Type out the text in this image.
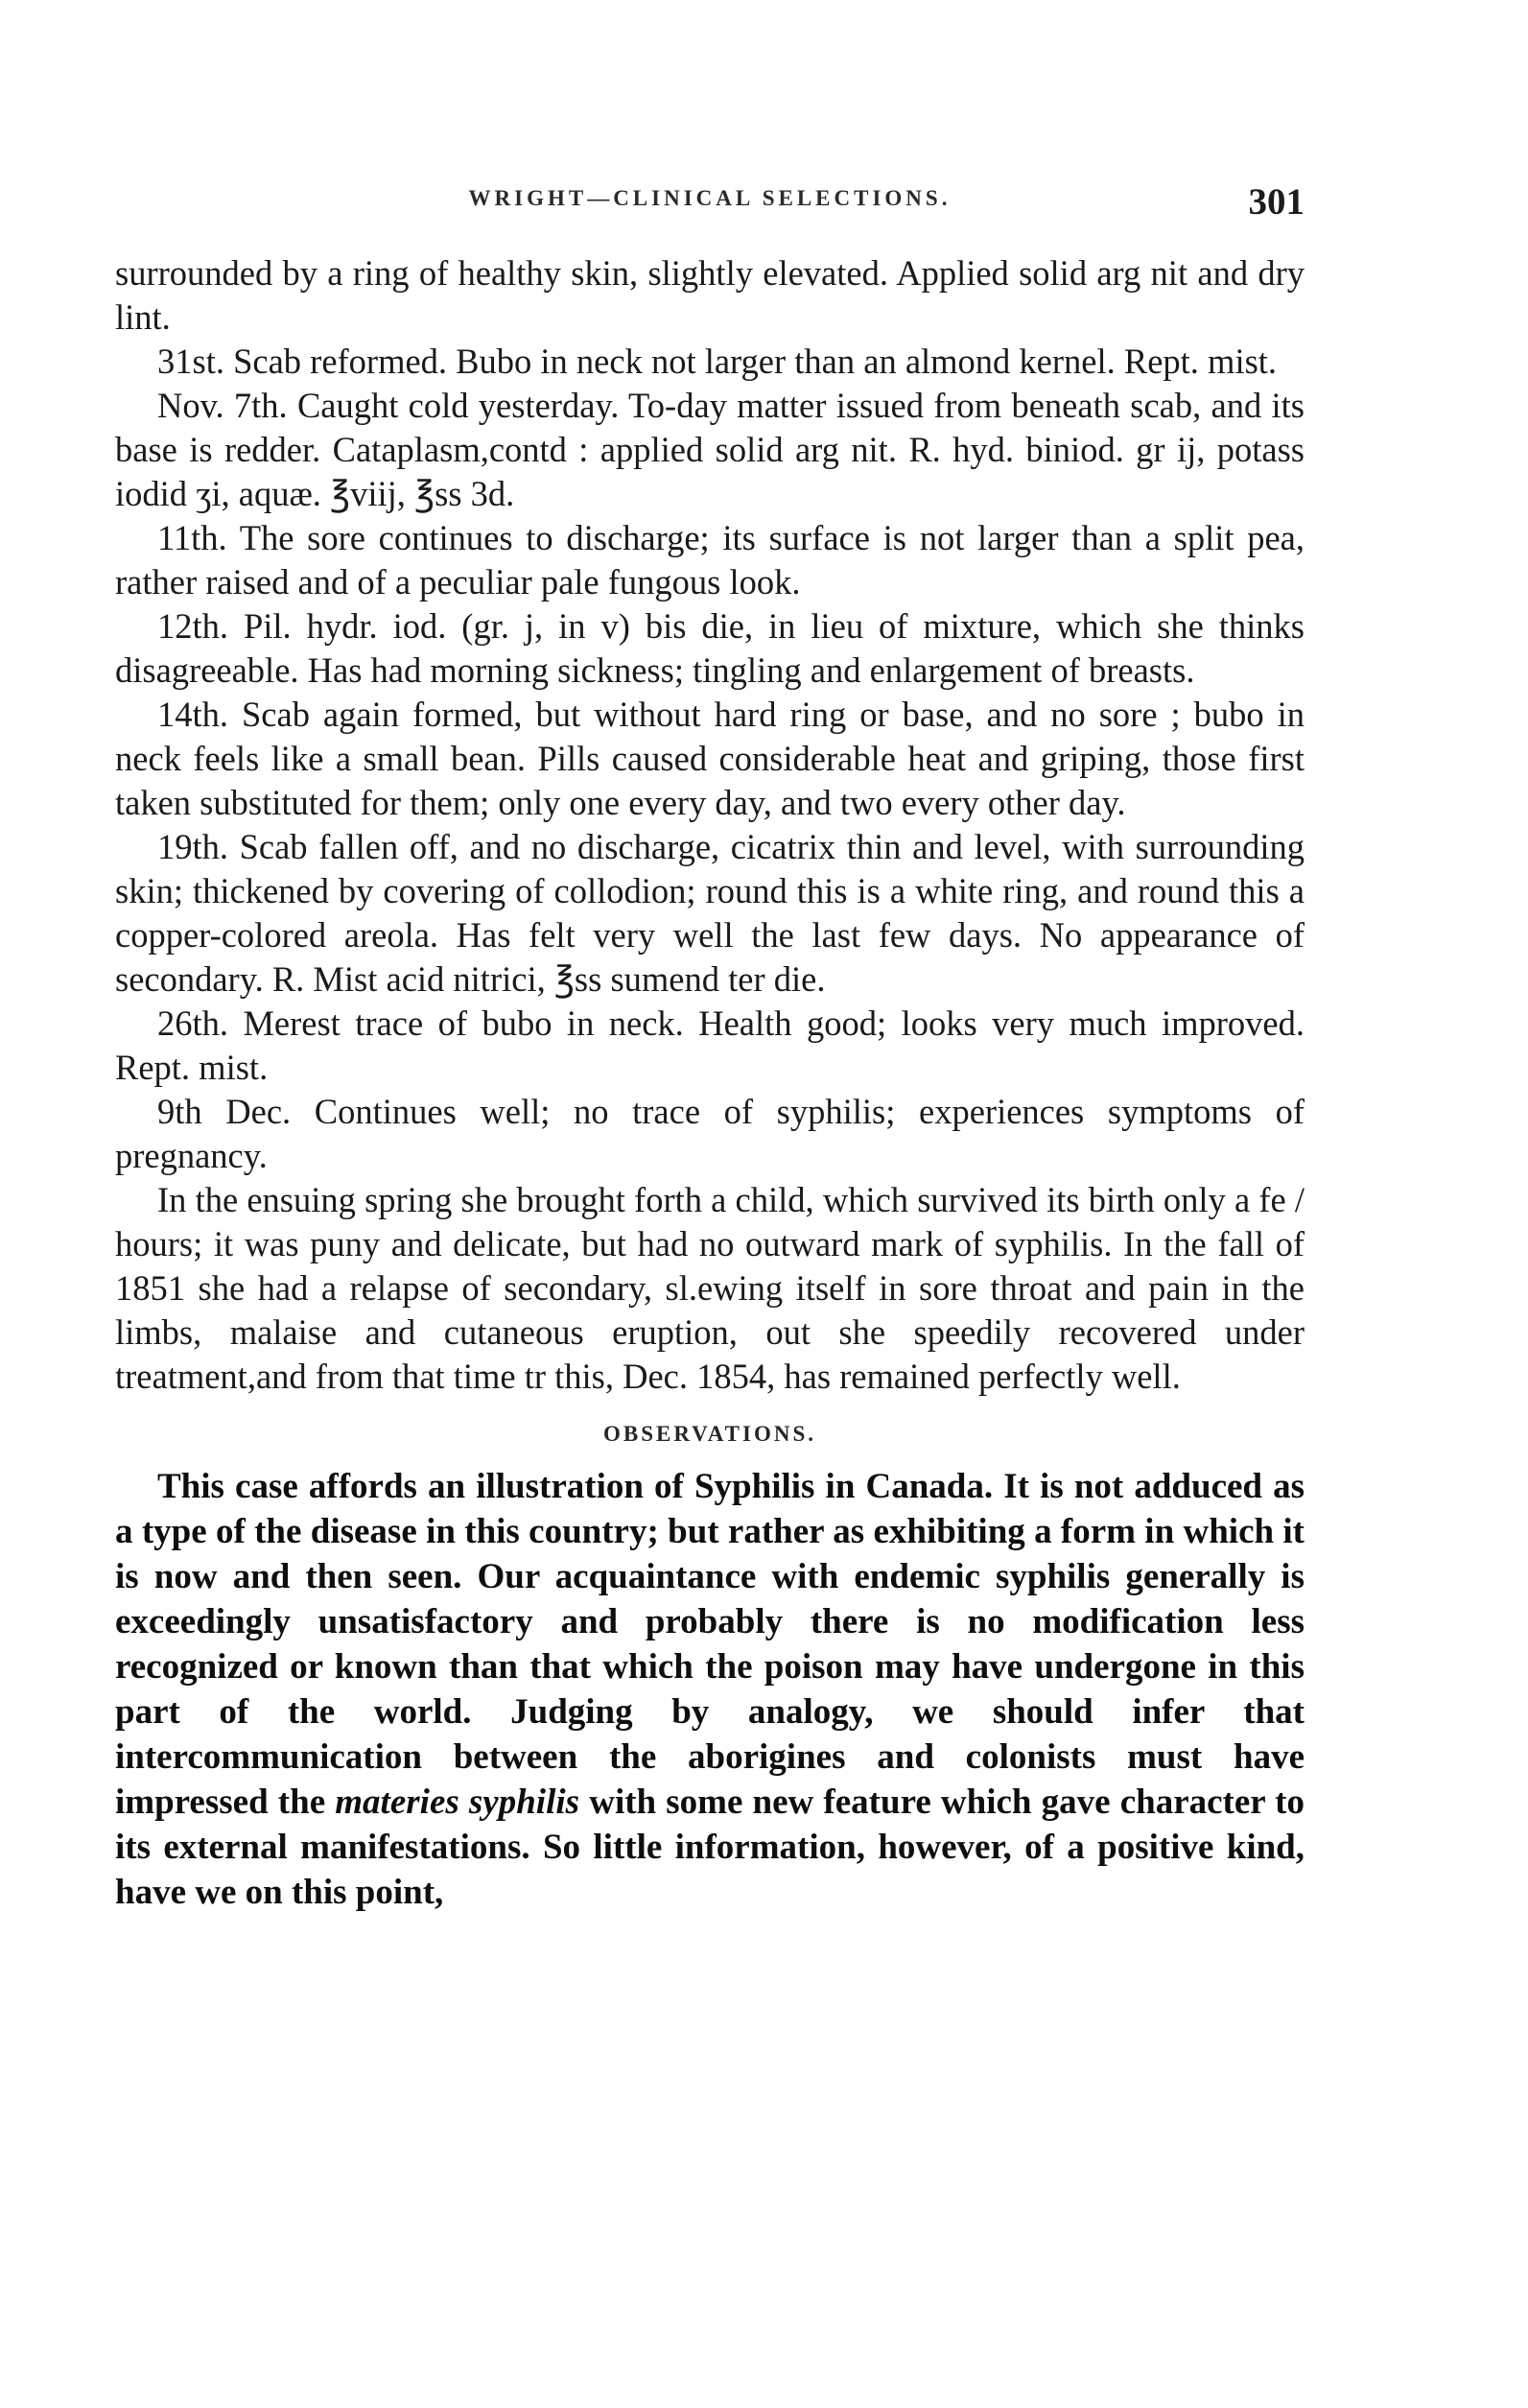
WRIGHT—CLINICAL SELECTIONS.	301

surrounded by a ring of healthy skin, slightly elevated. Applied solid arg nit and dry lint.

31st. Scab reformed. Bubo in neck not larger than an almond kernel. Rept. mist.

Nov. 7th. Caught cold yesterday. To-day matter issued from beneath scab, and its base is redder. Cataplasm,contd : applied solid arg nit. R. hyd. biniod. gr ij, potass iodid ʒi, aquæ. ℥viij, ℥ss 3d.

11th. The sore continues to discharge; its surface is not larger than a split pea, rather raised and of a peculiar pale fungous look.

12th. Pil. hydr. iod. (gr. j, in v) bis die, in lieu of mixture, which she thinks disagreeable. Has had morning sickness; tingling and enlargement of breasts.

14th. Scab again formed, but without hard ring or base, and no sore ; bubo in neck feels like a small bean. Pills caused considerable heat and griping, those first taken substituted for them; only one every day, and two every other day.

19th. Scab fallen off, and no discharge, cicatrix thin and level, with surrounding skin; thickened by covering of collodion; round this is a white ring, and round this a copper-colored areola. Has felt very well the last few days. No appearance of secondary. R. Mist acid nitrici, ℥ss sumend ter die.

26th. Merest trace of bubo in neck. Health good; looks very much improved. Rept. mist.

9th Dec. Continues well; no trace of syphilis; experiences symptoms of pregnancy.

In the ensuing spring she brought forth a child, which survived its birth only a fe / hours; it was puny and delicate, but had no outward mark of syphilis. In the fall of 1851 she had a relapse of secondary, sl.ewing itself in sore throat and pain in the limbs, malaise and cutaneous eruption, out she speedily recovered under treatment,and from that time tr this, Dec. 1854, has remained perfectly well.

OBSERVATIONS.

This case affords an illustration of Syphilis in Canada. It is not adduced as a type of the disease in this country; but rather as exhibiting a form in which it is now and then seen. Our acquaintance with endemic syphilis generally is exceedingly unsatisfactory and probably there is no modification less recognized or known than that which the poison may have undergone in this part of the world. Judging by analogy, we should infer that intercommunication between the aborigines and colonists must have impressed the materies syphilis with some new feature which gave character to its external manifestations. So little information, however, of a positive kind, have we on this point,
